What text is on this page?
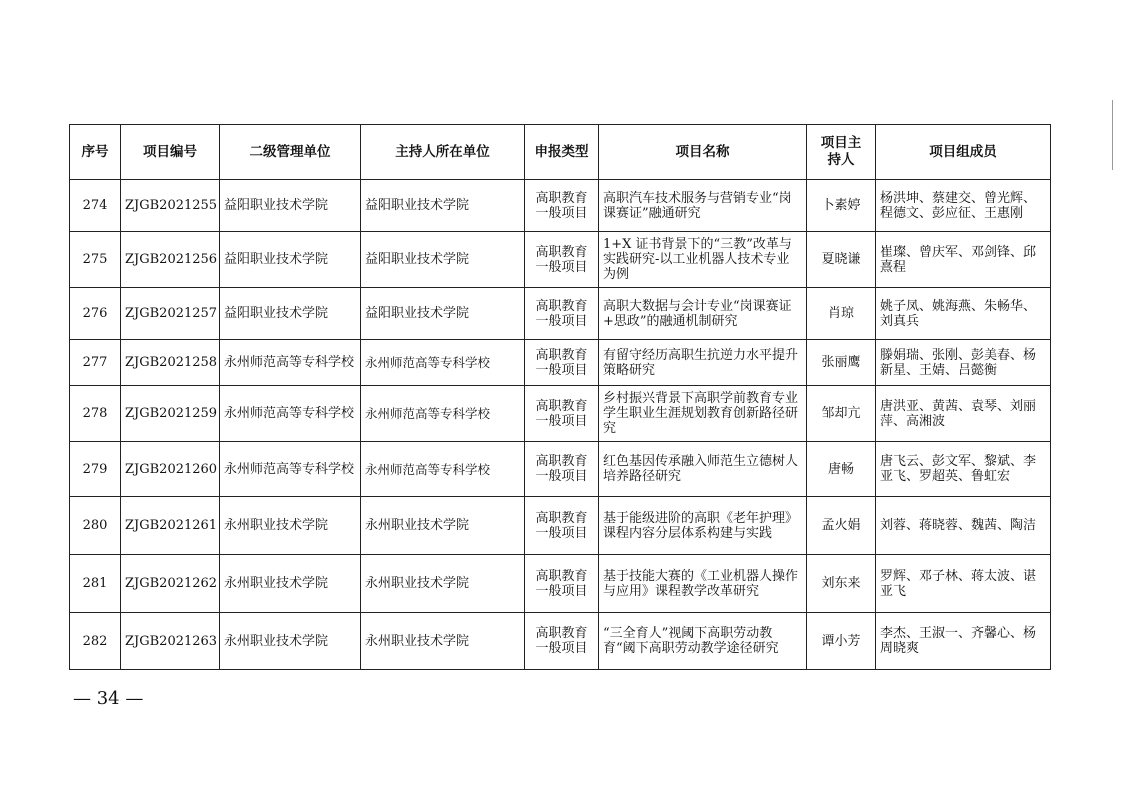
序号	项目编号	二级管理单位	主持人所在单位	申报类型	项目名称	项目主持人	项目组成员
274	ZJGB2021255	益阳职业技术学院	益阳职业技术学院	高职教育一般项目	高职汽车技术服务与营销专业“岗课赛证”融通研究	卜素婷	杨洪坤、蔡建交、曾光辉、程德文、彭应征、王惠刚
275	ZJGB2021256	益阳职业技术学院	益阳职业技术学院	高职教育一般项目	1+X 证书背景下的“三教”改革与实践研究-以工业机器人技术专业为例	夏晓谦	崔璨、曾庆军、邓剑锋、邱熹程
276	ZJGB2021257	益阳职业技术学院	益阳职业技术学院	高职教育一般项目	高职大数据与会计专业“岗课赛证+思政”的融通机制研究	肖琼	姚子凤、姚海燕、朱畅华、刘真兵
277	ZJGB2021258	永州师范高等专科学校	永州师范高等专科学校	高职教育一般项目	有留守经历高职生抗逆力水平提升策略研究	张丽鹰	滕娟瑞、张刚、彭美春、杨新星、王婧、吕懿衡
278	ZJGB2021259	永州师范高等专科学校	永州师范高等专科学校	高职教育一般项目	乡村振兴背景下高职学前教育专业学生职业生涯规划教育创新路径研究	邹却亢	唐洪亚、黄茜、袁琴、刘丽萍、高湘波
279	ZJGB2021260	永州师范高等专科学校	永州师范高等专科学校	高职教育一般项目	红色基因传承融入师范生立德树人培养路径研究	唐畅	唐飞云、彭文军、黎斌、李亚飞、罗超英、鲁虹宏
280	ZJGB2021261	永州职业技术学院	永州职业技术学院	高职教育一般项目	基于能级进阶的高职《老年护理》课程内容分层体系构建与实践	孟火娟	刘蓉、蒋晓蓉、魏茜、陶洁
281	ZJGB2021262	永州职业技术学院	永州职业技术学院	高职教育一般项目	基于技能大赛的《工业机器人操作与应用》课程教学改革研究	刘东来	罗辉、邓子林、蒋太波、谌亚飞
282	ZJGB2021263	永州职业技术学院	永州职业技术学院	高职教育一般项目	“三全育人”视阈下高职劳动教育“阈下高职劳动教学途径研究	谭小芳	李杰、王淑一、齐馨心、杨周晓爽
— 34 —
